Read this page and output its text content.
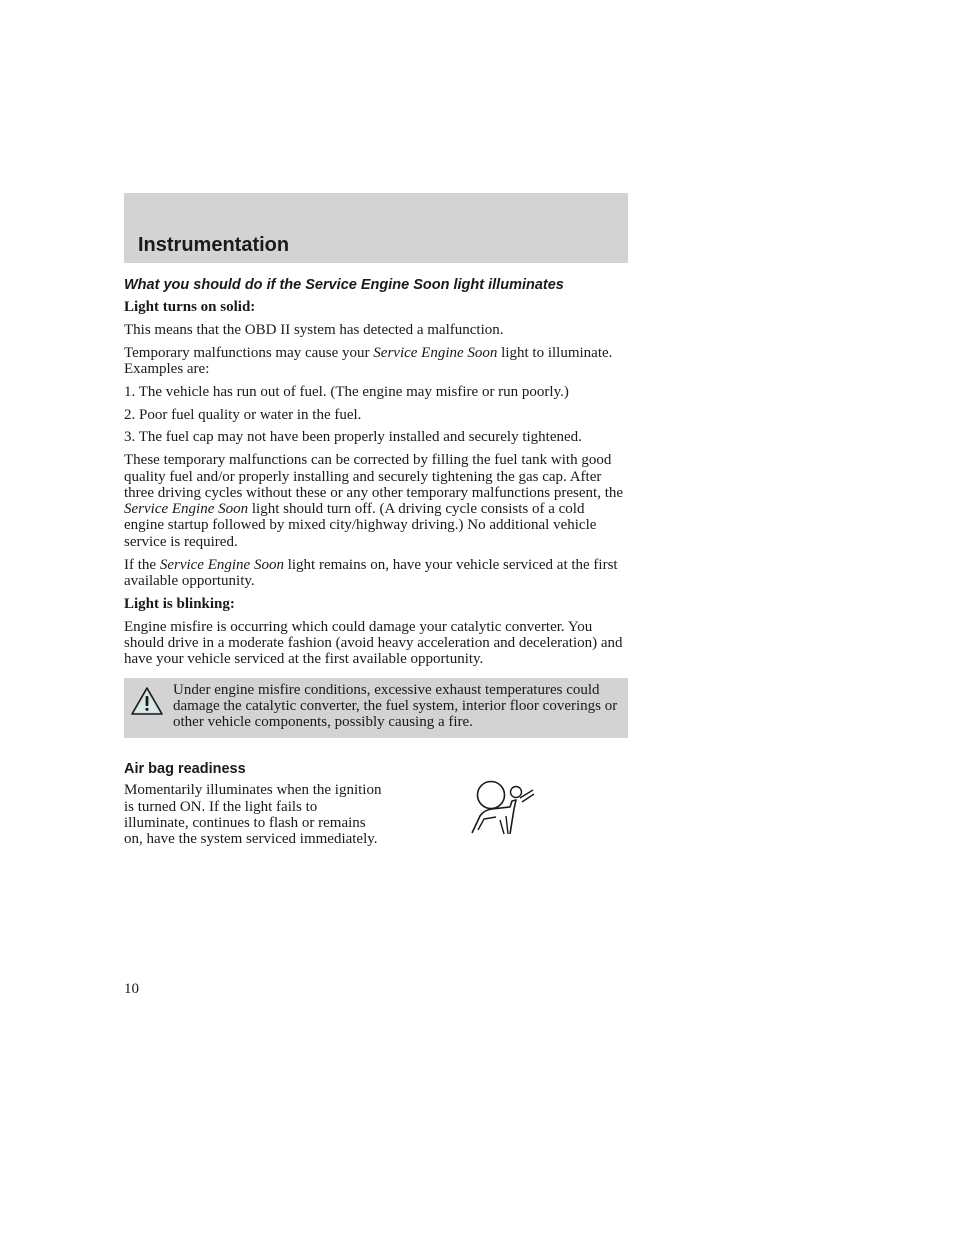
Instrumentation
What you should do if the Service Engine Soon light illuminates
Light turns on solid:

This means that the OBD II system has detected a malfunction.

Temporary malfunctions may cause your Service Engine Soon light to illuminate. Examples are:

1. The vehicle has run out of fuel. (The engine may misfire or run poorly.)

2. Poor fuel quality or water in the fuel.

3. The fuel cap may not have been properly installed and securely tightened.

These temporary malfunctions can be corrected by filling the fuel tank with good quality fuel and/or properly installing and securely tightening the gas cap. After three driving cycles without these or any other temporary malfunctions present, the Service Engine Soon light should turn off. (A driving cycle consists of a cold engine startup followed by mixed city/highway driving.) No additional vehicle service is required.

If the Service Engine Soon light remains on, have your vehicle serviced at the first available opportunity.

Light is blinking:

Engine misfire is occurring which could damage your catalytic converter. You should drive in a moderate fashion (avoid heavy acceleration and deceleration) and have your vehicle serviced at the first available opportunity.

Under engine misfire conditions, excessive exhaust temperatures could damage the catalytic converter, the fuel system, interior floor coverings or other vehicle components, possibly causing a fire.
Air bag readiness

Momentarily illuminates when the ignition is turned ON. If the light fails to illuminate, continues to flash or remains on, have the system serviced immediately.

10
